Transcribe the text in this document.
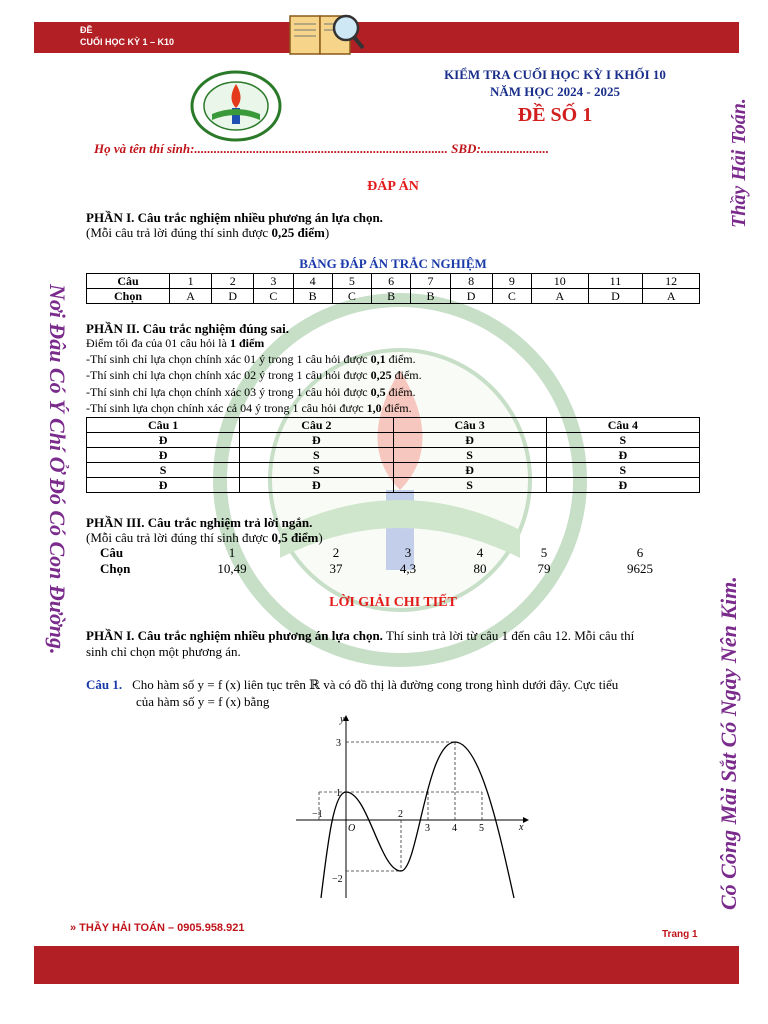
ĐỀ
CUỐI HỌC KỲ 1 – K10
KIỂM TRA CUỐI HỌC KỲ I KHỐI 10
NĂM HỌC 2024 - 2025
ĐỀ SỐ 1
Họ và tên thí sinh:.............................................................................. SBD:.....................	Thầy Hải Toán.
Nơi Đâu Có Ý Chí Ở Đó Có Con Đường.
Có Công Mài Sắt Có Ngày Nên Kim.
ĐÁP ÁN
PHẦN I. Câu trắc nghiệm nhiều phương án lựa chọn.
(Mỗi câu trả lời đúng thí sinh được 0,25 điểm)
BẢNG ĐÁP ÁN TRẮC NGHIỆM
Câu	1	2	3	4	5	6	7	8	9	10	11	12
Chọn	A	D	C	B	C	B	B	D	C	A	D	A
PHẦN II. Câu trắc nghiệm đúng sai.
Điểm tối đa của 01 câu hỏi là 1 điểm
-Thí sinh chỉ lựa chọn chính xác 01 ý trong 1 câu hỏi được 0,1 điểm.
-Thí sinh chỉ lựa chọn chính xác 02 ý trong 1 câu hỏi được 0,25 điểm.
-Thí sinh chỉ lựa chọn chính xác 03 ý trong 1 câu hỏi được 0,5 điểm.
-Thí sinh lựa chọn chính xác cả 04 ý trong 1 câu hỏi được 1,0 điểm.
Câu 1	Câu 2	Câu 3	Câu 4
Đ	Đ	Đ	S
Đ	S	S	Đ
S	S	Đ	S
Đ	Đ	S	Đ
PHẦN III. Câu trắc nghiệm trả lời ngắn.
(Mỗi câu trả lời đúng thí sinh được 0,5 điểm)
Câu	1	2	3	4	5	6
Chọn	10,49	37	4,3	80	79	9625
LỜI GIẢI CHI TIẾT
PHẦN I. Câu trắc nghiệm nhiều phương án lựa chọn. Thí sinh trả lời từ câu 1 đến câu 12. Mỗi câu thí
sinh chỉ chọn một phương án.
Câu 1. Cho hàm số y = f (x) liên tục trên ℝ và có đồ thị là đường cong trong hình dưới đây. Cực tiểu
của hàm số y = f (x) bằng
y
x
O
−1	2
3 4 5
3
1
−2
» THẦY HẢI TOÁN – 0905.958.921
Trang 1
